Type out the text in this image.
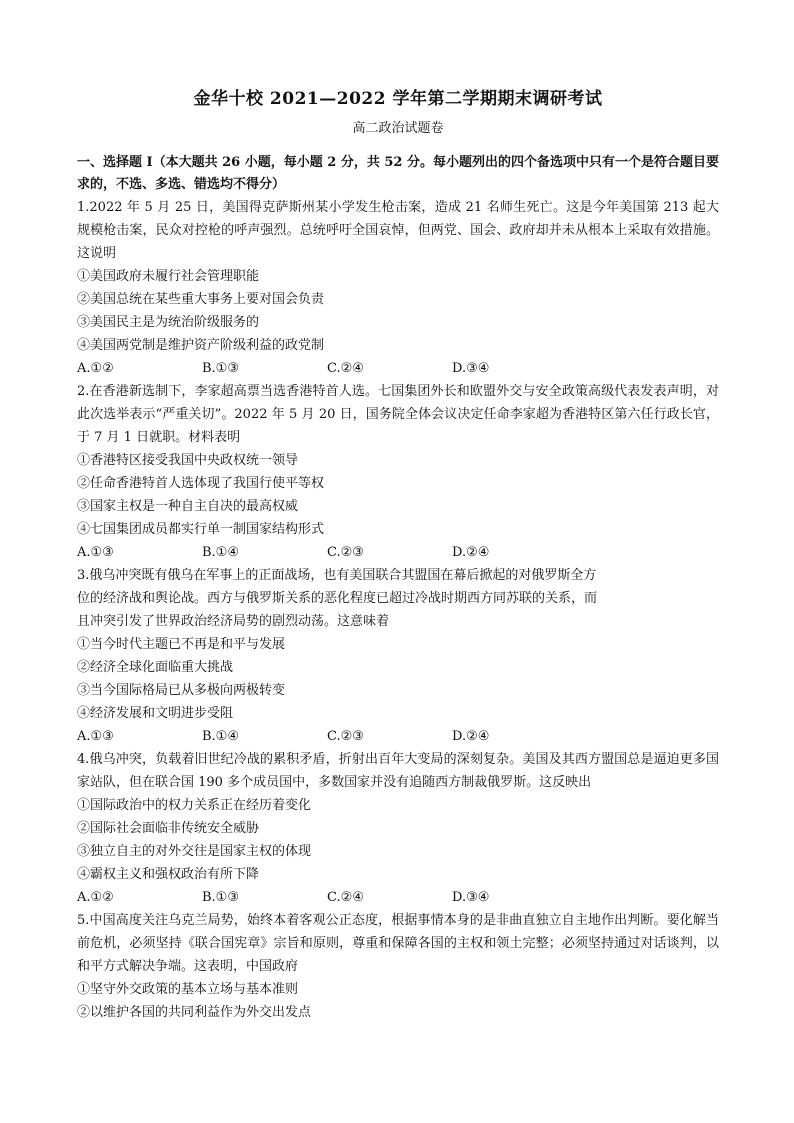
金华十校 2021—2022 学年第二学期期末调研考试
高二政治试题卷

一、选择题 I（本大题共 26 小题，每小题 2 分，共 52 分。每小题列出的四个备选项中只有一个是符合题目要求的，不选、多选、错选均不得分）

1.2022 年 5 月 25 日，美国得克萨斯州某小学发生枪击案，造成 21 名师生死亡。这是今年美国第 213 起大规模枪击案，民众对控枪的呼声强烈。总统呼吁全国哀悼，但两党、国会、政府却并未从根本上采取有效措施。这说明

①美国政府未履行社会管理职能

②美国总统在某些重大事务上要对国会负责

③美国民主是为统治阶级服务的

④美国两党制是维护资产阶级利益的政党制

A.①②	B.①③	C.②④	D.③④

2.在香港新选制下，李家超高票当选香港特首人选。七国集团外长和欧盟外交与安全政策高级代表发表声明，对此次选举表示“严重关切”。2022 年 5 月 20 日，国务院全体会议决定任命李家超为香港特区第六任行政长官，于 7 月 1 日就职。材料表明

①香港特区接受我国中央政权统一领导

②任命香港特首人选体现了我国行使平等权

③国家主权是一种自主自决的最高权威

④七国集团成员都实行单一制国家结构形式

A.①③	B.①④	C.②③	D.②④

3.俄乌冲突既有俄乌在军事上的正面战场，也有美国联合其盟国在幕后掀起的对俄罗斯全方
位的经济战和舆论战。西方与俄罗斯关系的恶化程度已超过冷战时期西方同苏联的关系，而
且冲突引发了世界政治经济局势的剧烈动荡。这意味着

①当今时代主题已不再是和平与发展

②经济全球化面临重大挑战

③当今国际格局已从多极向两极转变

④经济发展和文明进步受阻

A.①③	B.①④	C.②③	D.②④

4.俄乌冲突，负载着旧世纪冷战的累积矛盾，折射出百年大变局的深刻复杂。美国及其西方盟国总是逼迫更多国家站队，但在联合国 190 多个成员国中，多数国家并没有追随西方制裁俄罗斯。这反映出

①国际政治中的权力关系正在经历着变化

②国际社会面临非传统安全威胁

③独立自主的对外交往是国家主权的体现

④霸权主义和强权政治有所下降

A.①②	B.①③	C.②④	D.③④

5.中国高度关注乌克兰局势，始终本着客观公正态度，根据事情本身的是非曲直独立自主地作出判断。要化解当前危机，必须坚持《联合国宪章》宗旨和原则，尊重和保障各国的主权和领土完整；必须坚持通过对话谈判，以和平方式解决争端。这表明，中国政府

①坚守外交政策的基本立场与基本准则

②以维护各国的共同利益作为外交出发点
